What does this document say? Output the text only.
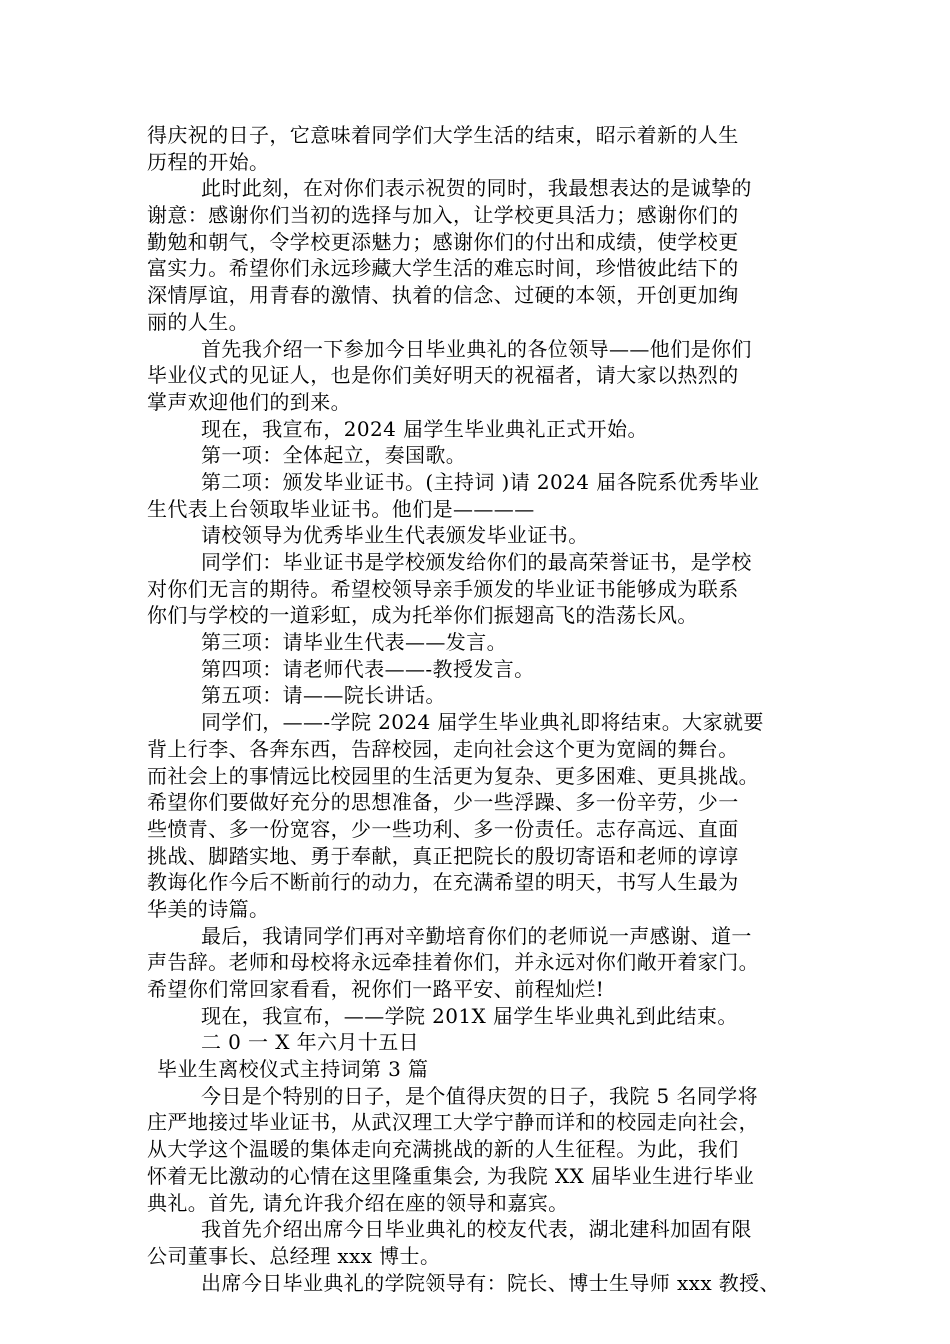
得庆祝的日子，它意味着同学们大学生活的结束，昭示着新的人生
历程的开始。
此时此刻，在对你们表示祝贺的同时，我最想表达的是诚挚的
谢意：感谢你们当初的选择与加入，让学校更具活力；感谢你们的
勤勉和朝气，令学校更添魅力；感谢你们的付出和成绩，使学校更
富实力。希望你们永远珍藏大学生活的难忘时间，珍惜彼此结下的
深情厚谊，用青春的激情、执着的信念、过硬的本领，开创更加绚
丽的人生。
首先我介绍一下参加今日毕业典礼的各位领导——他们是你们
毕业仪式的见证人，也是你们美好明天的祝福者，请大家以热烈的
掌声欢迎他们的到来。
现在，我宣布，2024 届学生毕业典礼正式开始。
第一项：全体起立，奏国歌。
第二项：颁发毕业证书。(主持词 )请 2024 届各院系优秀毕业
生代表上台领取毕业证书。他们是————
请校领导为优秀毕业生代表颁发毕业证书。
同学们：毕业证书是学校颁发给你们的最高荣誉证书，是学校
对你们无言的期待。希望校领导亲手颁发的毕业证书能够成为联系
你们与学校的一道彩虹，成为托举你们振翅高飞的浩荡长风。
第三项：请毕业生代表——发言。
第四项：请老师代表——-教授发言。
第五项：请——院长讲话。
同学们，——-学院 2024 届学生毕业典礼即将结束。大家就要
背上行李、各奔东西，告辞校园，走向社会这个更为宽阔的舞台。
而社会上的事情远比校园里的生活更为复杂、更多困难、更具挑战。
希望你们要做好充分的思想准备，少一些浮躁、多一份辛劳，少一
些愤青、多一份宽容，少一些功利、多一份责任。志存高远、直面
挑战、脚踏实地、勇于奉献，真正把院长的殷切寄语和老师的谆谆
教诲化作今后不断前行的动力，在充满希望的明天，书写人生最为
华美的诗篇。
最后，我请同学们再对辛勤培育你们的老师说一声感谢、道一
声告辞。老师和母校将永远牵挂着你们，并永远对你们敞开着家门。
希望你们常回家看看，祝你们一路平安、前程灿烂!
现在，我宣布，——学院 201X 届学生毕业典礼到此结束。
二 0 一 X 年六月十五日
毕业生离校仪式主持词第 3 篇
今日是个特别的日子，是个值得庆贺的日子，我院 5 名同学将
庄严地接过毕业证书，从武汉理工大学宁静而详和的校园走向社会，
从大学这个温暖的集体走向充满挑战的新的人生征程。为此，我们
怀着无比激动的心情在这里隆重集会, 为我院 XX 届毕业生进行毕业
典礼。首先, 请允许我介绍在座的领导和嘉宾。
我首先介绍出席今日毕业典礼的校友代表，湖北建科加固有限
公司董事长、总经理 xxx 博士。
出席今日毕业典礼的学院领导有：院长、博士生导师 xxx 教授、
